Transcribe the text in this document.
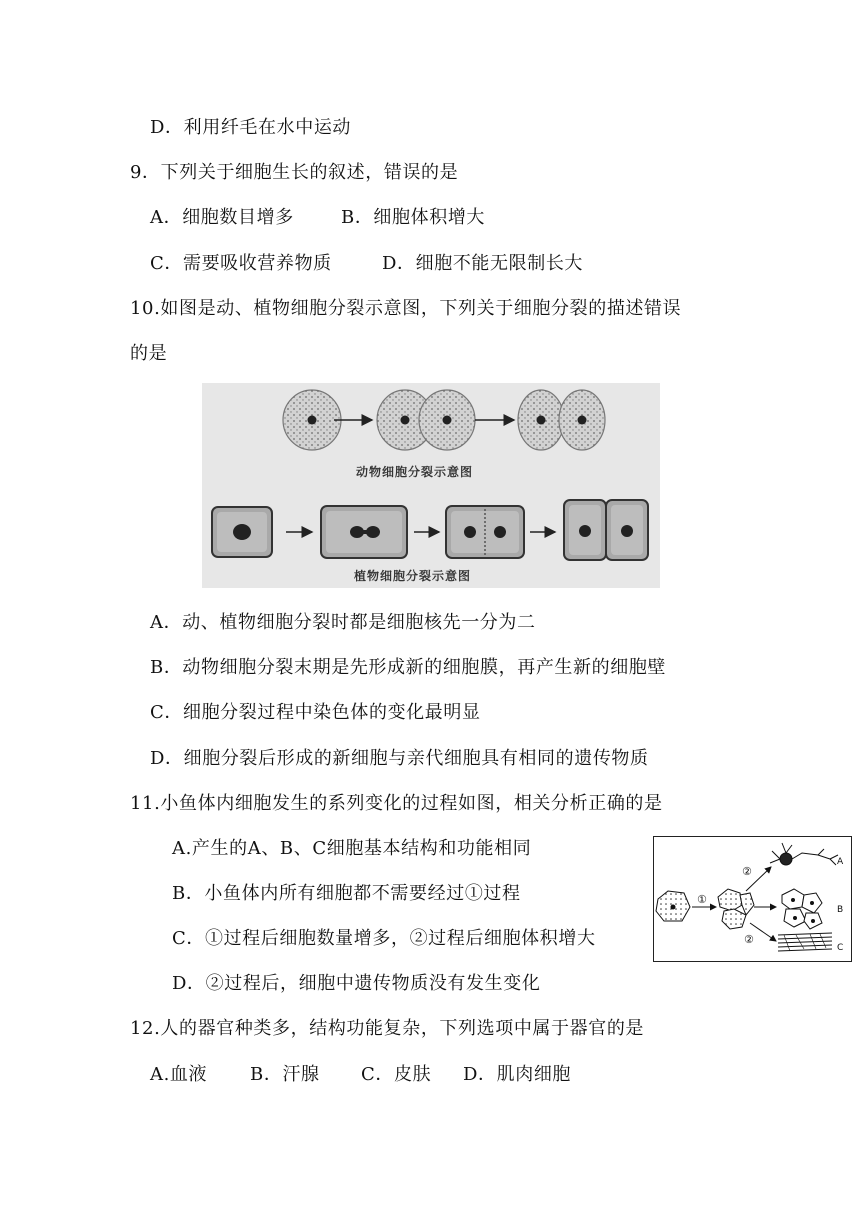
D．利用纤毛在水中运动
9．下列关于细胞生长的叙述，错误的是
A．细胞数目增多	B．细胞体积增大
C．需要吸收营养物质	D．细胞不能无限制长大
10.如图是动、植物细胞分裂示意图，下列关于细胞分裂的描述错误
的是
动物细胞分裂示意图
植物细胞分裂示意图
A．动、植物细胞分裂时都是细胞核先一分为二
B．动物细胞分裂末期是先形成新的细胞膜，再产生新的细胞壁
C．细胞分裂过程中染色体的变化最明显
D．细胞分裂后形成的新细胞与亲代细胞具有相同的遗传物质
11.小鱼体内细胞发生的系列变化的过程如图，相关分析正确的是
A.产生的A、B、C细胞基本结构和功能相同
B．小鱼体内所有细胞都不需要经过①过程
C．①过程后细胞数量增多，②过程后细胞体积增大
D．②过程后，细胞中遗传物质没有发生变化
①
②
②
A
B
C
12.人的器官种类多，结构功能复杂，下列选项中属于器官的是
A.血液 B．汗腺 C．皮肤 D．肌肉细胞
